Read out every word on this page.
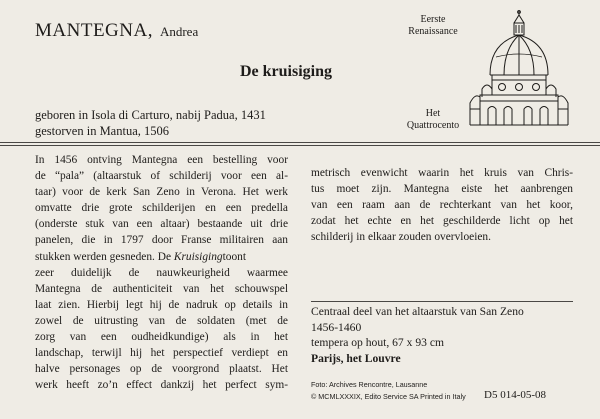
MANTEGNA, Andrea
De kruisiging
geboren in Isola di Carturo, nabij Padua, 1431
gestorven in Mantua, 1506
Eerste
Renaissance
Het
Quattrocento
In 1456 ontving Mantegna een bestelling voor
de “pala” (altaarstuk of schilderij voor een al-
taar) voor de kerk San Zeno in Verona. Het werk
omvatte drie grote schilderijen en een predella
(onderste stuk van een altaar) bestaande uit drie
panelen, die in 1797 door Franse militairen aan
stukken werden gesneden. De Kruisigingtoont
zeer duidelijk de nauwkeurigheid waarmee
Mantegna de authenticiteit van het schouwspel
laat zien. Hierbij legt hij de nadruk op details in
zowel de uitrusting van de soldaten (met de
zorg van een oudheidkundige) als in het
landschap, terwijl hij het perspectief verdiept en
halve personages op de voorgrond plaatst. Het
werk heeft zo’n effect dankzij het perfect sym-
metrisch evenwicht waarin het kruis van Chris-
tus moet zijn. Mantegna eiste het aanbrengen
van een raam aan de rechterkant van het koor,
zodat het echte en het geschilderde licht op het
schilderij in elkaar zouden overvloeien.
Centraal deel van het altaarstuk van San Zeno
1456-1460
tempera op hout, 67 x 93 cm
Parijs, het Louvre
Foto: Archives Rencontre, Lausanne
© MCMLXXXIX, Edito Service SA Printed in Italy D5 014-05-08
